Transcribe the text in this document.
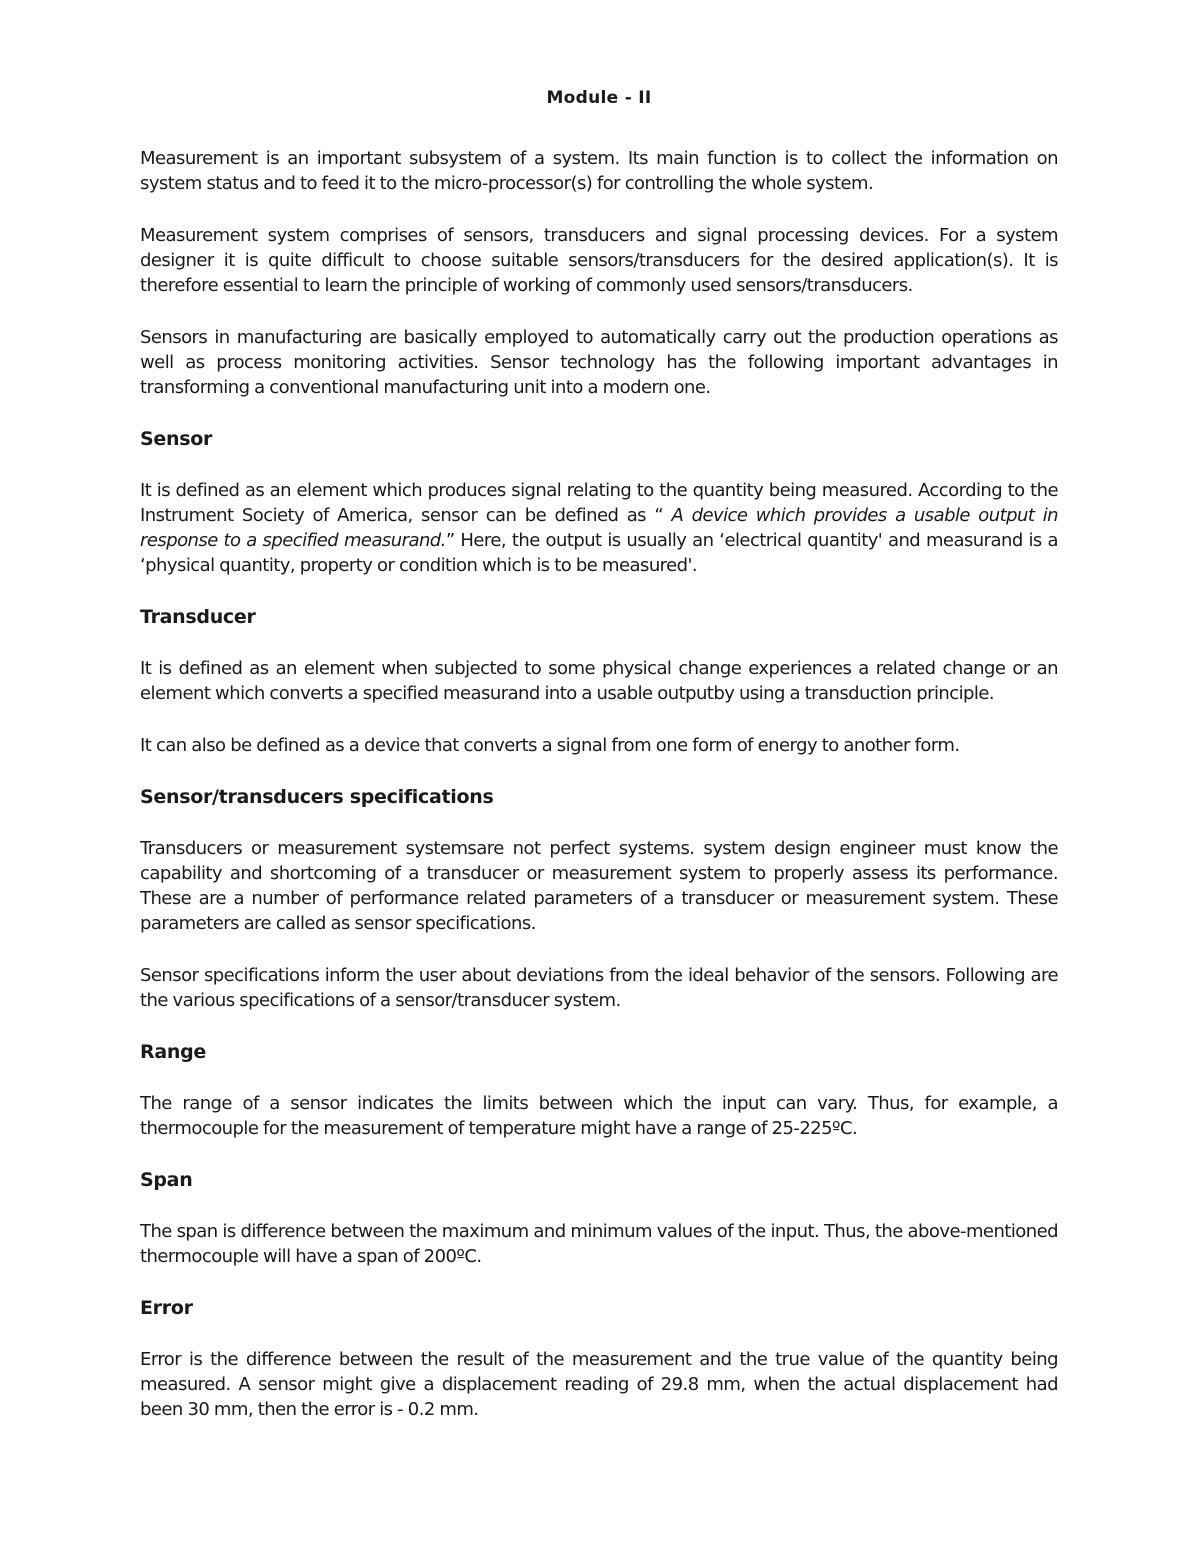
Module - II

Measurement is an important subsystem of a system. Its main function is to collect the information on system status and to feed it to the micro-processor(s) for controlling the whole system.

Measurement system comprises of sensors, transducers and signal processing devices. For a system designer it is quite difficult to choose suitable sensors/transducers for the desired application(s). It is therefore essential to learn the principle of working of commonly used sensors/transducers.

Sensors in manufacturing are basically employed to automatically carry out the production operations as well as process monitoring activities. Sensor technology has the following important advantages in transforming a conventional manufacturing unit into a modern one.

Sensor

It is defined as an element which produces signal relating to the quantity being measured. According to the Instrument Society of America, sensor can be defined as “ A device which provides a usable output in response to a specified measurand.” Here, the output is usually an ‘electrical quantity' and measurand is a ‘physical quantity, property or condition which is to be measured'.

Transducer

It is defined as an element when subjected to some physical change experiences a related change or an element which converts a specified measurand into a usable outputby using a transduction principle.

It can also be defined as a device that converts a signal from one form of energy to another form.

Sensor/transducers specifications

Transducers or measurement systemsare not perfect systems. system design engineer must know the capability and shortcoming of a transducer or measurement system to properly assess its performance. These are a number of performance related parameters of a transducer or measurement system. These parameters are called as sensor specifications.

Sensor specifications inform the user about deviations from the ideal behavior of the sensors. Following are the various specifications of a sensor/transducer system.

Range

The range of a sensor indicates the limits between which the input can vary. Thus, for example, a thermocouple for the measurement of temperature might have a range of 25-225ºC.

Span

The span is difference between the maximum and minimum values of the input. Thus, the above-mentioned thermocouple will have a span of 200ºC.

Error

Error is the difference between the result of the measurement and the true value of the quantity being measured. A sensor might give a displacement reading of 29.8 mm, when the actual displacement had been 30 mm, then the error is - 0.2 mm.
